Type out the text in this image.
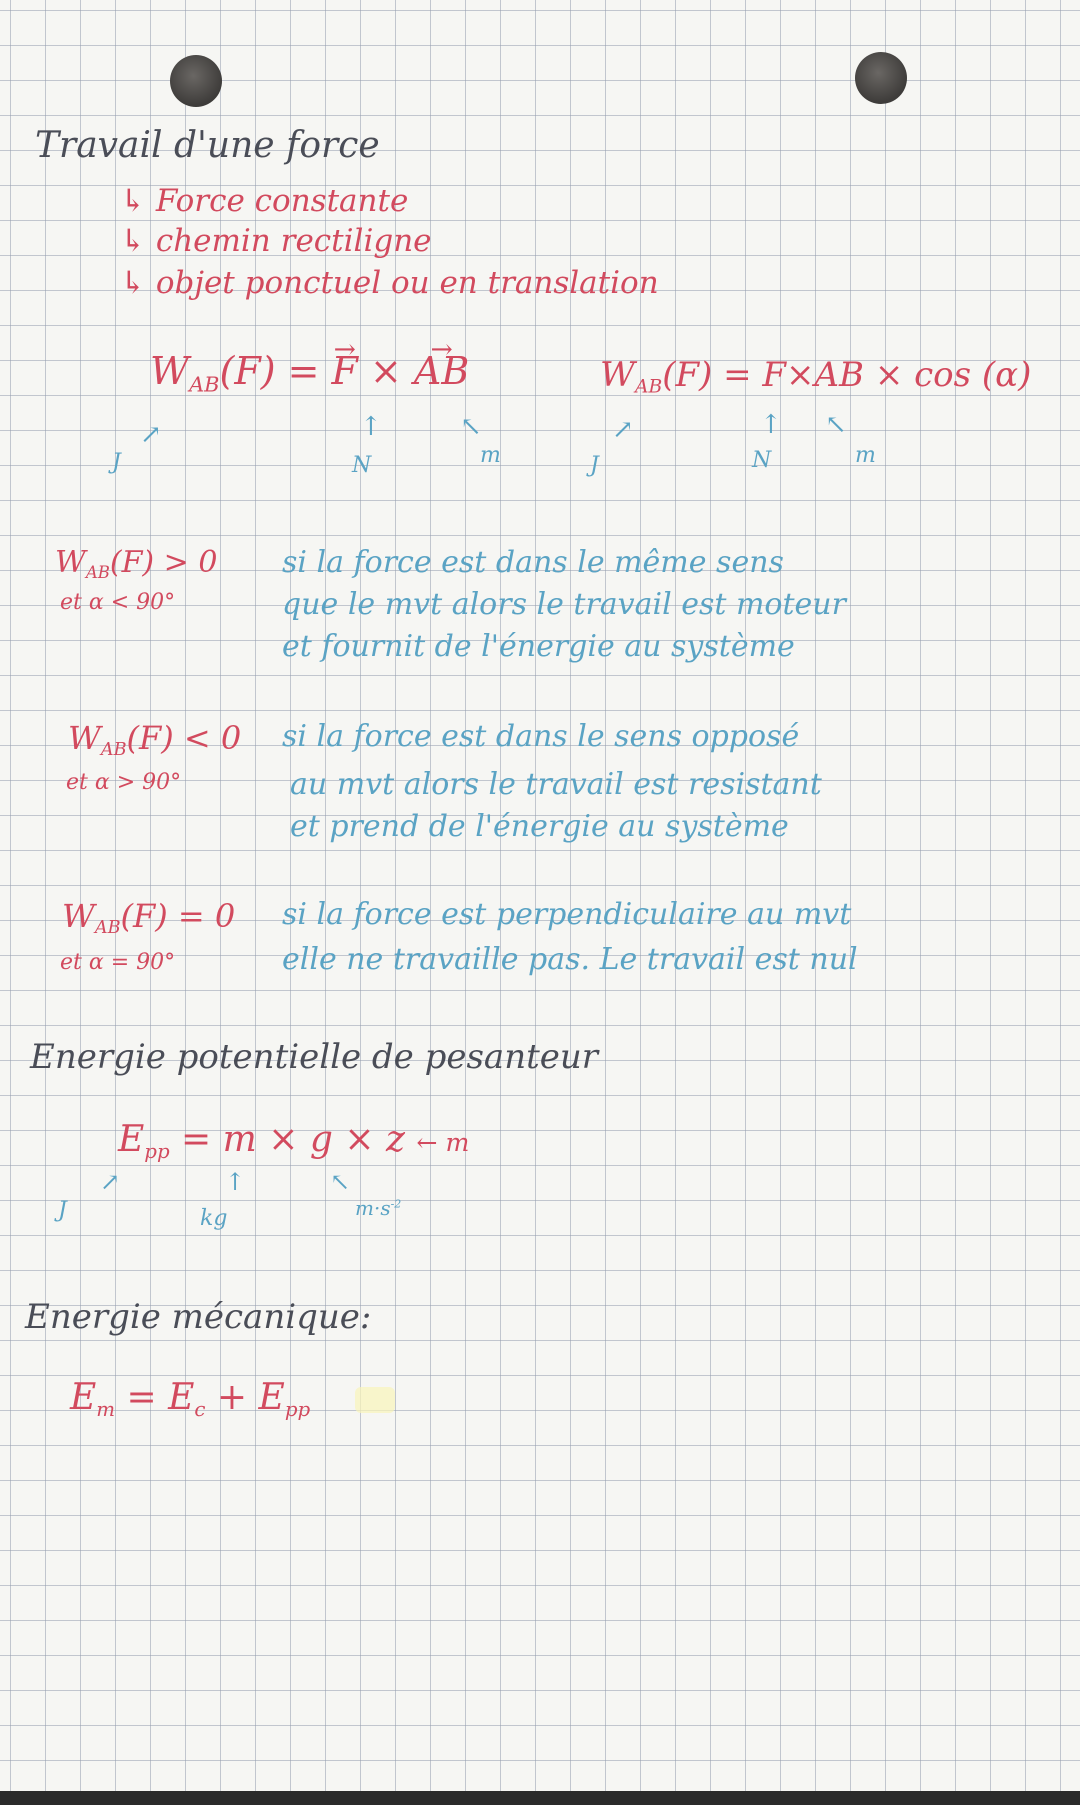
Travail d'une force
↳ Force constante
↳ chemin rectiligne
↳ objet ponctuel ou en translation
$W_{AB}(F) = F$ → × AB →
↗
J
↑
N
↖
m
$W_{AB}(F) = F\times AB \times \cos (\alpha)$
↗
J
↑
N
↖
m
$W_{AB}(F) > 0$
et α < 90°
si la force est dans le même sens
que le mvt alors le travail est moteur
et fournit de l'énergie au système
$W_{AB}(F) < 0$
et α > 90°
si la force est dans le sens opposé
au mvt alors le travail est resistant
et prend de l'énergie au système
$W_{AB}(F) = 0$
et α = 90°
si la force est perpendiculaire au mvt
elle ne travaille pas. Le travail est nul
Energie potentielle de pesanteur
$E_{pp} = m \times g \times z$ ← m
↗
J
↑
kg
↖
$m\cdot s^{-2}$
Energie mécanique:
$E_m = E_c + E_{pp}$
